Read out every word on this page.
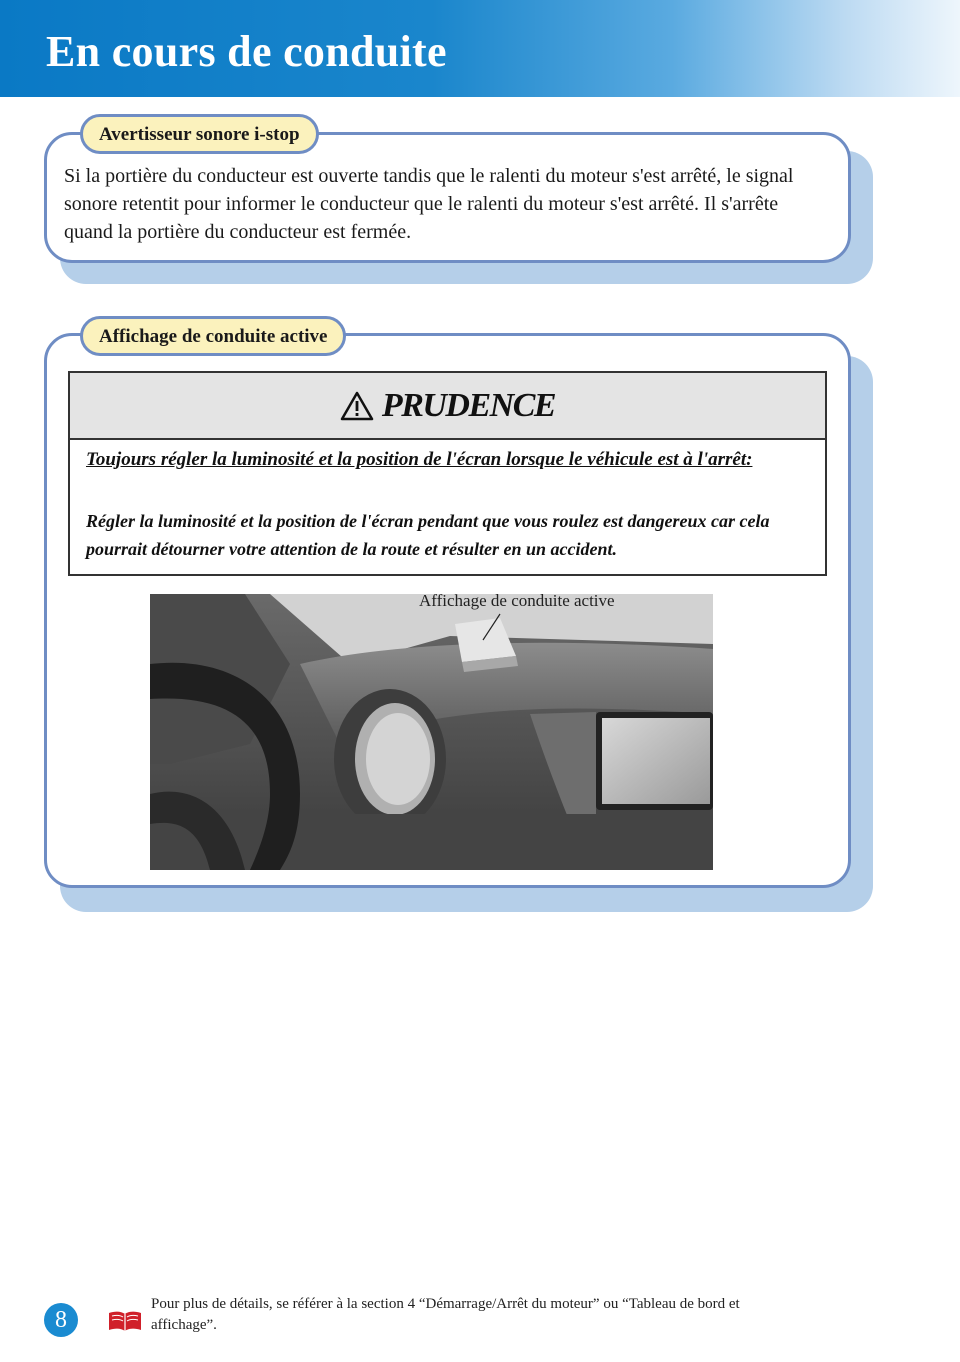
En cours de conduite
Avertisseur sonore i-stop
Si la portière du conducteur est ouverte tandis que le ralenti du moteur s'est arrêté, le signal sonore retentit pour informer le conducteur que le ralenti du moteur s'est arrêté. Il s'arrête quand la portière du conducteur est fermée.
Affichage de conduite active
PRUDENCE
Toujours régler la luminosité et la position de l'écran lorsque le véhicule est à l'arrêt:
Régler la luminosité et la position de l'écran pendant que vous roulez est dangereux car cela pourrait détourner votre attention de la route et résulter en un accident.
Affichage de conduite active
8
Pour plus de détails, se référer à la section 4 “Démarrage/Arrêt du moteur” ou “Tableau de bord et affichage”.
